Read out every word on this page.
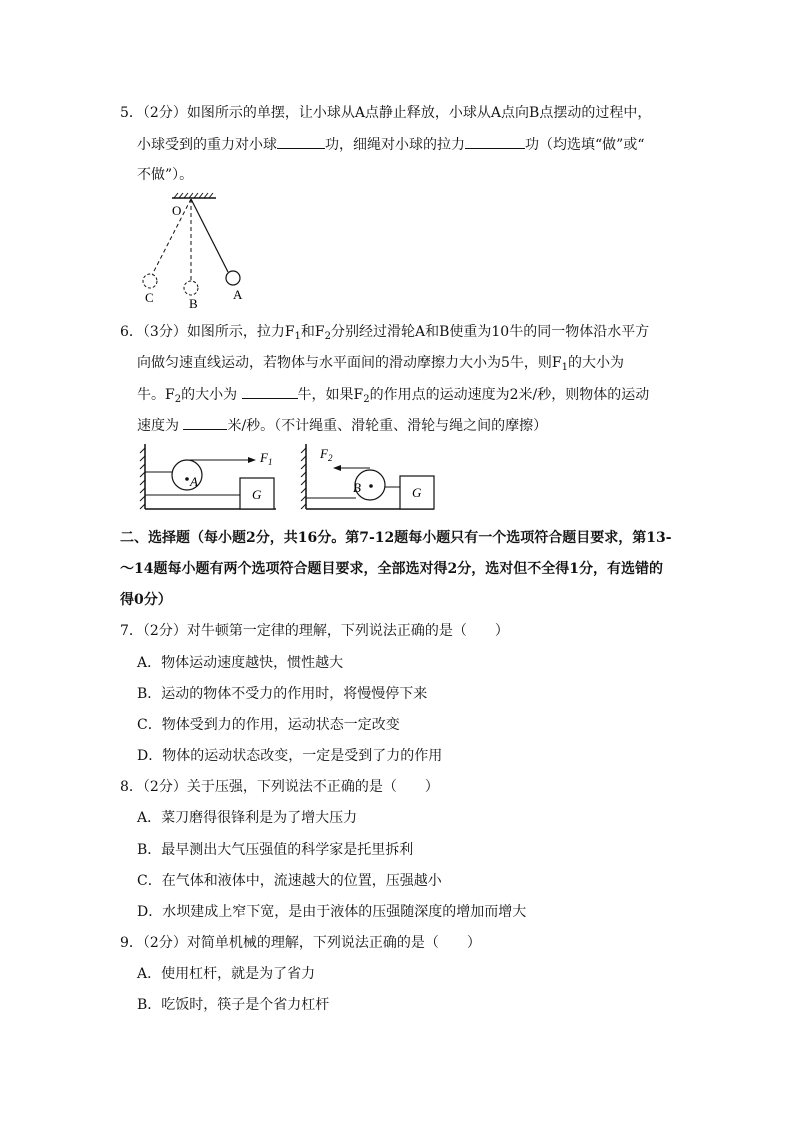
5．（2分）如图所示的单摆，让小球从A点静止释放，小球从A点向B点摆动的过程中，
小球受到的重力对小球	功，细绳对小球的拉力	功（均选填“做”或“
不做”）。
O
A
C	B
6．（3分）如图所示，拉力$F_1$和$F_2$分别经过滑轮A和B使重为10牛的同一物体沿水平方
向做匀速直线运动，若物体与水平面间的滑动摩擦力大小为5牛，则$F_1$的大小为
牛。$F_2$的大小为	牛，如果$F_2$的作用点的运动速度为2米/秒，则物体的运动
速度为	米/秒。（不计绳重、滑轮重、滑轮与绳之间的摩擦）
$F_1$
A
G
$F_2$
B	G
二、选择题（每小题2分，共16分。第7-12题每小题只有一个选项符合题目要求，第13-
～14题每小题有两个选项符合题目要求，全部选对得2分，选对但不全得1分，有选错的
得0分）
7．（2分）对牛顿第一定律的理解，下列说法正确的是（　　）
A．物体运动速度越快，惯性越大
B．运动的物体不受力的作用时，将慢慢停下来
C．物体受到力的作用，运动状态一定改变
D．物体的运动状态改变，一定是受到了力的作用
8．（2分）关于压强，下列说法不正确的是（　　）
A．菜刀磨得很锋利是为了增大压力
B．最早测出大气压强值的科学家是托里拆利
C．在气体和液体中，流速越大的位置，压强越小
D．水坝建成上窄下宽，是由于液体的压强随深度的增加而增大
9．（2分）对简单机械的理解，下列说法正确的是（　　）
A．使用杠杆，就是为了省力
B．吃饭时，筷子是个省力杠杆
